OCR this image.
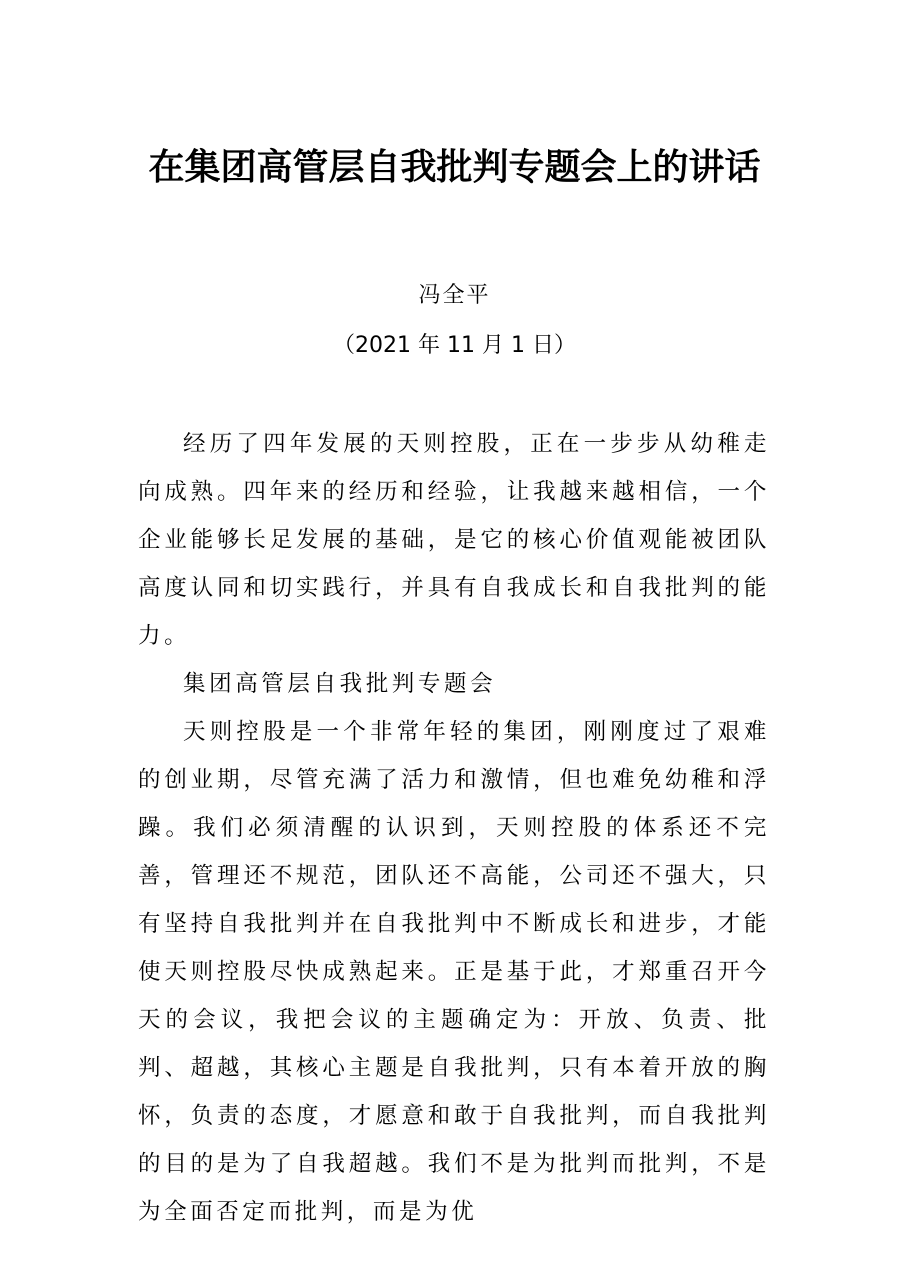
在集团高管层自我批判专题会上的讲话
冯全平
（2021 年 11 月 1 日）

经历了四年发展的天则控股，正在一步步从幼稚走向成熟。四年来的经历和经验，让我越来越相信，一个企业能够长足发展的基础，是它的核心价值观能被团队高度认同和切实践行，并具有自我成长和自我批判的能力。

集团高管层自我批判专题会

天则控股是一个非常年轻的集团，刚刚度过了艰难的创业期，尽管充满了活力和激情，但也难免幼稚和浮躁。我们必须清醒的认识到，天则控股的体系还不完善，管理还不规范，团队还不高能，公司还不强大，只有坚持自我批判并在自我批判中不断成长和进步，才能使天则控股尽快成熟起来。正是基于此，才郑重召开今天的会议，我把会议的主题确定为：开放、负责、批判、超越，其核心主题是自我批判，只有本着开放的胸怀，负责的态度，才愿意和敢于自我批判，而自我批判的目的是为了自我超越。我们不是为批判而批判，不是为全面否定而批判，而是为优
